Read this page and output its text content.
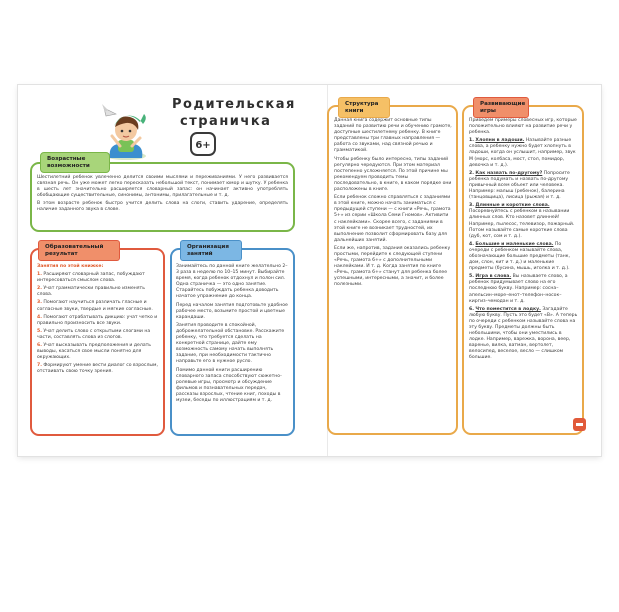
Родительская
страничка
6+
Возрастные возможности

Шестилетний ребенок увлеченно делится своими мыслями и переживаниями. У него развивается связная речь. Он уже может легко пересказать небольшой текст, понимает юмор и шутку. У ребенка в шесть лет значительно расширяется словарный запас: он начинает активно употреблять обобщающие существительные, синонимы, антонимы, прилагательные и т. д.

В этом возрасте ребенок быстро учится делить слова на слоги, ставить ударение, определять наличие заданного звука в слове.

Образовательный результат

Занятия по этой книжке:

1. Расширяют словарный запас, побуждают интересоваться смыслом слова.

2. Учат грамматически правильно изменять слова.

3. Помогают научиться различать гласные и согласные звуки, твердые и мягкие согласные.

4. Помогают отрабатывать дикцию: учат четко и правильно произносить все звуки.

5. Учат делить слово с открытыми слогами на части, составлять слова из слогов.

6. Учат высказывать предположения и делать выводы, касаться свое мысли понятно для окружающих.

7. Формируют умение вести диалог со взрослым, отстаивать свою точку зрения.

Организация занятий

Занимайтесь по данной книге желательно 2–3 раза в неделю по 10–15 минут. Выбирайте время, когда ребенок отдохнул и полон сил. Одна страничка — это одно занятие. Старайтесь побуждать ребенка доводить начатое упражнение до конца.

Перед началом занятия подготовьте удобное рабочее место, возьмите простой и цветные карандаши.

Занятия проводите в спокойной, доброжелательной обстановке. Расскажите ребенку, что требуется сделать на конкретной странице, дайте ему возможность самому начать выполнять задание, при необходимости тактично направьте его в нужное русло.

Помимо данной книги расширению словарного запаса способствуют сюжетно-ролевые игры, просмотр и обсуждение фильмов и познавательных передач, рассказы взрослых, чтение книг, походы в музеи, беседы по иллюстрациям и т. д.

Структура книги

Данная книга содержит основные типы заданий по развитию речи и обучению грамоте, доступные шестилетнему ребенку. В книге представлены три главных направления — работа со звуками, над связной речью и грамматикой.

Чтобы ребенку было интересно, типы заданий регулярно чередуются. При этом материал постепенно усложняется. По этой причине мы рекомендуем проводить темы последовательно, в книге, в каком порядке они расположены в книге.

Если ребенок сложно справляться с заданиями в этой книге, можно начать заниматься с предыдущей ступени — с книги «Речь, грамота 5+» из серии «Школа Семи Гномов». Активити с наклейками». Скорее всего, с заданиями в этой книге не возникает трудностей, их выполнение позволит сформировать базу для дальнейших занятий.

Если же, напротив, задания оказались ребенку простыми, перейдите к следующей ступени «Речь, грамота 6+» с дополнительными наклейками. И т. д. Когда занятия по книге «Речь, грамота 6+» станут для ребенка более успешными, интересными, а значит, и более полезными.

Развивающие игры

Приведем примеры словесных игр, которые положительно влияют на развитие речи у ребенка.

1. Хлопни в ладоши. Называйте разные слова, а ребенку нужно будет хлопнуть в ладоши, когда он услышит, например, звук М (морс, колбаса, мост, стол, помидор, девочка и т. д.).

2. Как назвать по-другому? Попросите ребенка подумать и назвать по-другому привычный всем объект или человека. Например: малыш (ребенок), балерина (танцовщица), лисица (рыжая) и т. д.

3. Длинные и короткие слова. Посоревнуйтесь с ребенком в назывании длинных слов. Кто назовет длинней! Например, пылесос, телевизор, пожарный. Потом называйте самые короткие слова (дуб, кот, сом и т. д.).

4. Большие и маленькие слова. По очереди с ребенком называйте слова, обозначающие большие предметы (танк, дом, слон, кит и т. д.) и маленькие предметы (бусина, мышь, иголка и т. д.).

5. Игра в слова. Вы называете слово, а ребенок придумывает слово на его последнюю букву. Например: сосна–апельсин–море–енот–телефон–носок–киргиз–чемодан и т. д.

6. Что поместится в лодку. Загадайте любую букву. Пусть это будет «В». А теперь по очереди с ребенком называйте слова на эту букву. Предметы должны быть небольшими, чтобы они уместились в лодке. Например, варежка, ворона, веер, варенье, вилка, ватман, вертолет, велосипед, веселое, весло — слишком большие.
